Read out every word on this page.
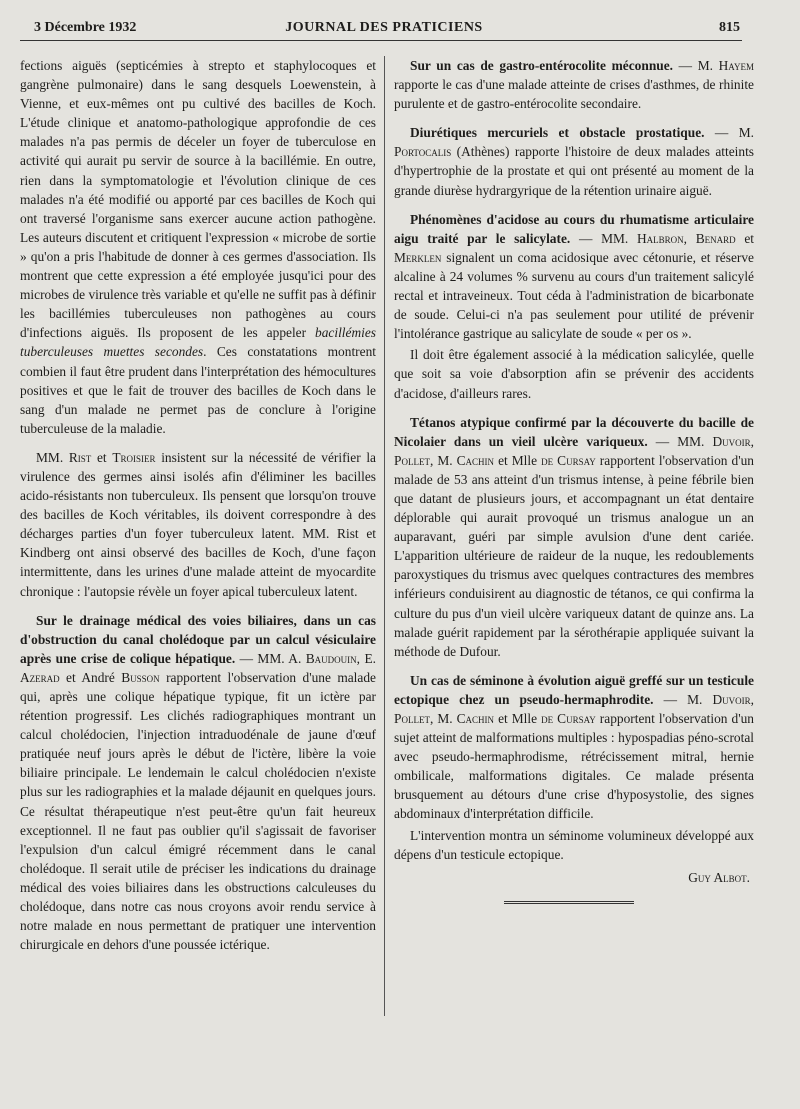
3 Décembre 1932	JOURNAL DES PRATICIENS	815

fections aiguës (septicémies à strepto et staphylocoques et gangrène pulmonaire) dans le sang desquels Loewenstein, à Vienne, et eux-mêmes ont pu cultivé des bacilles de Koch. L'étude clinique et anatomo-pathologique approfondie de ces malades n'a pas permis de déceler un foyer de tuberculose en activité qui aurait pu servir de source à la bacillémie. En outre, rien dans la symptomatologie et l'évolution clinique de ces malades n'a été modifié ou apporté par ces bacilles de Koch qui ont traversé l'organisme sans exercer aucune action pathogène. Les auteurs discutent et critiquent l'expression « microbe de sortie » qu'on a pris l'habitude de donner à ces germes d'association. Ils montrent que cette expression a été employée jusqu'ici pour des microbes de virulence très variable et qu'elle ne suffit pas à définir les bacillémies tuberculeuses non pathogènes au cours d'infections aiguës. Ils proposent de les appeler bacillémies tuberculeuses muettes secondes. Ces constatations montrent combien il faut être prudent dans l'interprétation des hémocultures positives et que le fait de trouver des bacilles de Koch dans le sang d'un malade ne permet pas de conclure à l'origine tuberculeuse de la maladie.

MM. Rist et Troisier insistent sur la nécessité de vérifier la virulence des germes ainsi isolés afin d'éliminer les bacilles acido-résistants non tuberculeux. Ils pensent que lorsqu'on trouve des bacilles de Koch véritables, ils doivent correspondre à des décharges parties d'un foyer tuberculeux latent. MM. Rist et Kindberg ont ainsi observé des bacilles de Koch, d'une façon intermittente, dans les urines d'une malade atteint de myocardite chronique : l'autopsie révèle un foyer apical tuberculeux latent.

Sur le drainage médical des voies biliaires, dans un cas d'obstruction du canal cholédoque par un calcul vésiculaire après une crise de colique hépatique. — MM. A. Baudouin, E. Azerad et André Busson rapportent l'observation d'une malade qui, après une colique hépatique typique, fit un ictère par rétention progressif. Les clichés radiographiques montrant un calcul cholédocien, l'injection intraduodénale de jaune d'œuf pratiquée neuf jours après le début de l'ictère, libère la voie biliaire principale. Le lendemain le calcul cholédocien n'existe plus sur les radiographies et la malade déjaunit en quelques jours. Ce résultat thérapeutique n'est peut-être qu'un fait heureux exceptionnel. Il ne faut pas oublier qu'il s'agissait de favoriser l'expulsion d'un calcul émigré récemment dans le canal cholédoque. Il serait utile de préciser les indications du drainage médical des voies biliaires dans les obstructions calculeuses du cholédoque, dans notre cas nous croyons avoir rendu service à notre malade en nous permettant de pratiquer une intervention chirurgicale en dehors d'une poussée ictérique.

Sur un cas de gastro-entérocolite méconnue. — M. Hayem rapporte le cas d'une malade atteinte de crises d'asthmes, de rhinite purulente et de gastro-entérocolite secondaire.

Diurétiques mercuriels et obstacle prostatique. — M. Portocalis (Athènes) rapporte l'histoire de deux malades atteints d'hypertrophie de la prostate et qui ont présenté au moment de la grande diurèse hydrargyrique de la rétention urinaire aiguë.

Phénomènes d'acidose au cours du rhumatisme articulaire aigu traité par le salicylate. — MM. Halbron, Benard et Merklen signalent un coma acidosique avec cétonurie, et réserve alcaline à 24 volumes % survenu au cours d'un traitement salicylé rectal et intraveineux. Tout céda à l'administration de bicarbonate de soude. Celui-ci n'a pas seulement pour utilité de prévenir l'intolérance gastrique au salicylate de soude « per os ».

Il doit être également associé à la médication salicylée, quelle que soit sa voie d'absorption afin se prévenir des accidents d'acidose, d'ailleurs rares.

Tétanos atypique confirmé par la découverte du bacille de Nicolaier dans un vieil ulcère variqueux. — MM. Duvoir, Pollet, M. Cachin et Mlle de Cursay rapportent l'observation d'un malade de 53 ans atteint d'un trismus intense, à peine fébrile bien que datant de plusieurs jours, et accompagnant un état dentaire déplorable qui aurait provoqué un trismus analogue un an auparavant, guéri par simple avulsion d'une dent cariée. L'apparition ultérieure de raideur de la nuque, les redoublements paroxystiques du trismus avec quelques contractures des membres inférieurs conduisirent au diagnostic de tétanos, ce qui confirma la culture du pus d'un vieil ulcère variqueux datant de quinze ans. La malade guérit rapidement par la sérothérapie appliquée suivant la méthode de Dufour.

Un cas de séminone à évolution aiguë greffé sur un testicule ectopique chez un pseudo-hermaphrodite. — M. Duvoir, Pollet, M. Cachin et Mlle de Cursay rapportent l'observation d'un sujet atteint de malformations multiples : hypospadias péno-scrotal avec pseudo-hermaphrodisme, rétrécissement mitral, hernie ombilicale, malformations digitales. Ce malade présenta brusquement au détours d'une crise d'hyposystolie, des signes abdominaux d'interprétation difficile.

L'intervention montra un séminome volumineux développé aux dépens d'un testicule ectopique.

Guy Albot.
